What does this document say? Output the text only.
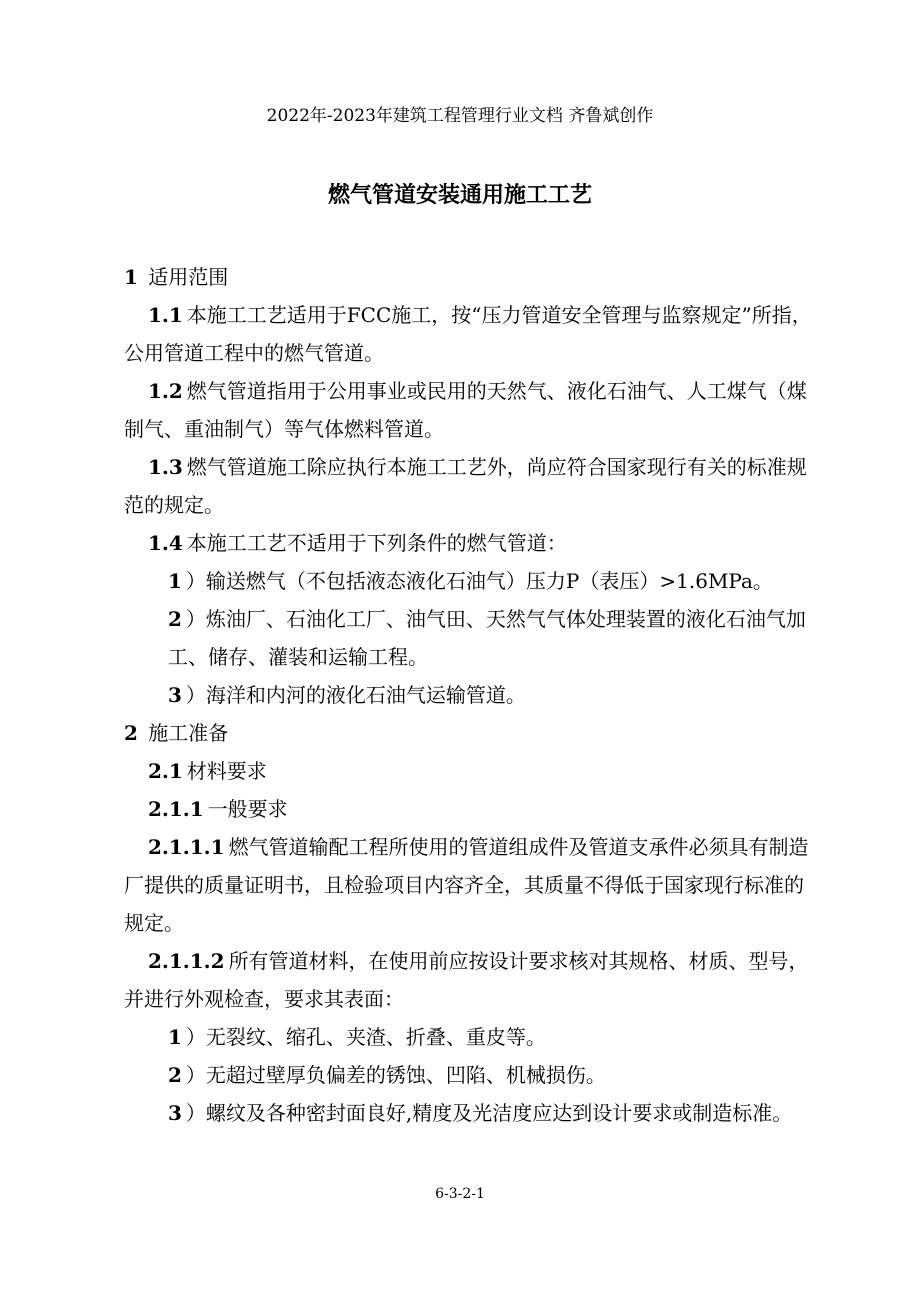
2022年-2023年建筑工程管理行业文档 齐鲁斌创作
燃气管道安装通用施工工艺

1 适用范围

1.1 本施工工艺适用于FCC施工，按“压力管道安全管理与监察规定”所指，公用管道工程中的燃气管道。

1.2 燃气管道指用于公用事业或民用的天然气、液化石油气、人工煤气（煤制气、重油制气）等气体燃料管道。

1.3 燃气管道施工除应执行本施工工艺外，尚应符合国家现行有关的标准规范的规定。

1.4 本施工工艺不适用于下列条件的燃气管道：

1 ）输送燃气（不包括液态液化石油气）压力P（表压）>1.6MPa。

2 ）炼油厂、石油化工厂、油气田、天然气气体处理装置的液化石油气加工、储存、灌装和运输工程。

3 ）海洋和内河的液化石油气运输管道。

2 施工准备

2.1 材料要求

2.1.1 一般要求

2.1.1.1 燃气管道输配工程所使用的管道组成件及管道支承件必须具有制造厂提供的质量证明书，且检验项目内容齐全，其质量不得低于国家现行标准的规定。

2.1.1.2 所有管道材料，在使用前应按设计要求核对其规格、材质、型号，并进行外观检查，要求其表面：

1 ）无裂纹、缩孔、夹渣、折叠、重皮等。

2 ）无超过壁厚负偏差的锈蚀、凹陷、机械损伤。

3 ）螺纹及各种密封面良好,精度及光洁度应达到设计要求或制造标准。

6-3-2-1
